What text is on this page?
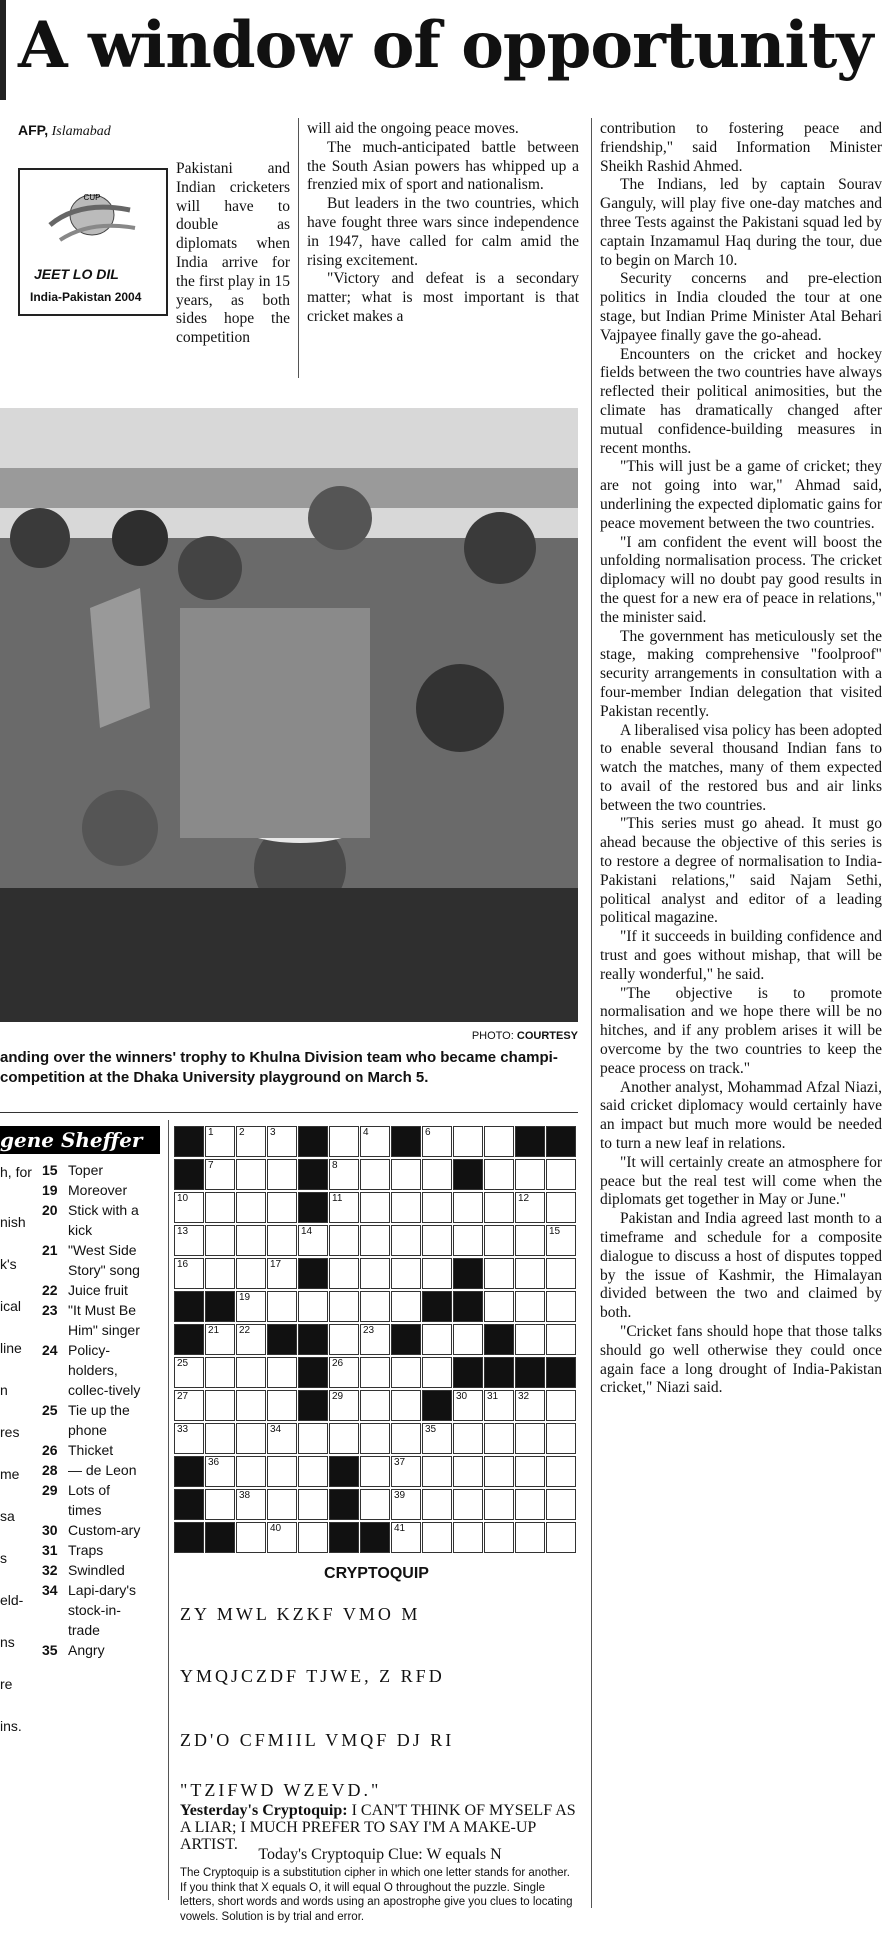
A window of opportunity
AFP, Islamabad
CUP
JEET LO DIL
India-Pakistan 2004

Pakistani and Indian cricketers will have to double as diplomats when India arrive for the first play in 15 years, as both sides hope the competition

will aid the ongoing peace moves.

The much-anticipated battle between the South Asian powers has whipped up a frenzied mix of sport and nationalism.

But leaders in the two countries, which have fought three wars since independence in 1947, have called for calm amid the rising excitement.

"Victory and defeat is a secondary matter; what is most important is that cricket makes a

contribution to fostering peace and friendship," said Information Minister Sheikh Rashid Ahmed.

The Indians, led by captain Sourav Ganguly, will play five one-day matches and three Tests against the Pakistani squad led by captain Inzamamul Haq during the tour, due to begin on March 10.

Security concerns and pre-election politics in India clouded the tour at one stage, but Indian Prime Minister Atal Behari Vajpayee finally gave the go-ahead.

Encounters on the cricket and hockey fields between the two countries have always reflected their political animosities, but the climate has dramatically changed after mutual confidence-building measures in recent months.

"This will just be a game of cricket; they are not going into war," Ahmad said, underlining the expected diplomatic gains for peace movement between the two countries.

"I am confident the event will boost the unfolding normalisation process. The cricket diplomacy will no doubt pay good results in the quest for a new era of peace in relations," the minister said.

The government has meticulously set the stage, making comprehensive "foolproof" security arrangements in consultation with a four-member Indian delegation that visited Pakistan recently.

A liberalised visa policy has been adopted to enable several thousand Indian fans to watch the matches, many of them expected to avail of the restored bus and air links between the two countries.

"This series must go ahead. It must go ahead because the objective of this series is to restore a degree of normalisation to India-Pakistani relations," said Najam Sethi, political analyst and editor of a leading political magazine.

"If it succeeds in building confidence and trust and goes without mishap, that will be really wonderful," he said.

"The objective is to promote normalisation and we hope there will be no hitches, and if any problem arises it will be overcome by the two countries to keep the peace process on track."

Another analyst, Mohammad Afzal Niazi, said cricket diplomacy would certainly have an impact but much more would be needed to turn a new leaf in relations.

"It will certainly create an atmosphere for peace but the real test will come when the diplomats get together in May or June."

Pakistan and India agreed last month to a timeframe and schedule for a composite dialogue to discuss a host of disputes topped by the issue of Kashmir, the Himalayan divided between the two and claimed by both.

"Cricket fans should hope that those talks should go well otherwise they could once again face a long drought of India-Pakistan cricket," Niazi said.

PHOTO: COURTESY
anding over the winners' trophy to Khulna Division team who became champi- competition at the Dhaka University playground on March 5.
gene Sheffer
h, for
nish
k's
ical
line
n
res
me
sa
s
eld-
ns
re
ins.
15 Toper
19 Moreover
20 Stick with a kick
21 "West Side Story" song
22 Juice fruit
23 "It Must Be Him" singer
24 Policy-holders, collec-tively
25 Tie up the phone
26 Thicket
28 — de Leon
29 Lots of times
30 Custom-ary
31 Traps
32 Swindled
34 Lapi-dary's stock-in-trade
35 Angry
1	2	3	4	6
7	8
10	11	12
13	14	15
16	17
19
21 22	23
25	26
27	29	30 31 32
33	34	35
36	37
38	39
40	41
CRYPTOQUIP
ZY MWL KZKF VMO M
YMQJCZDF TJWE, Z RFD
ZD'O CFMIIL VMQF DJ RI
"TZIFWD WZEVD."
Yesterday's Cryptoquip: I CAN'T THINK OF MYSELF AS A LIAR; I MUCH PREFER TO SAY I'M A MAKE-UP ARTIST.
Today's Cryptoquip Clue: W equals N
The Cryptoquip is a substitution cipher in which one letter stands for another. If you think that X equals O, it will equal O throughout the puzzle. Single letters, short words and words using an apostrophe give you clues to locating vowels. Solution is by trial and error.
